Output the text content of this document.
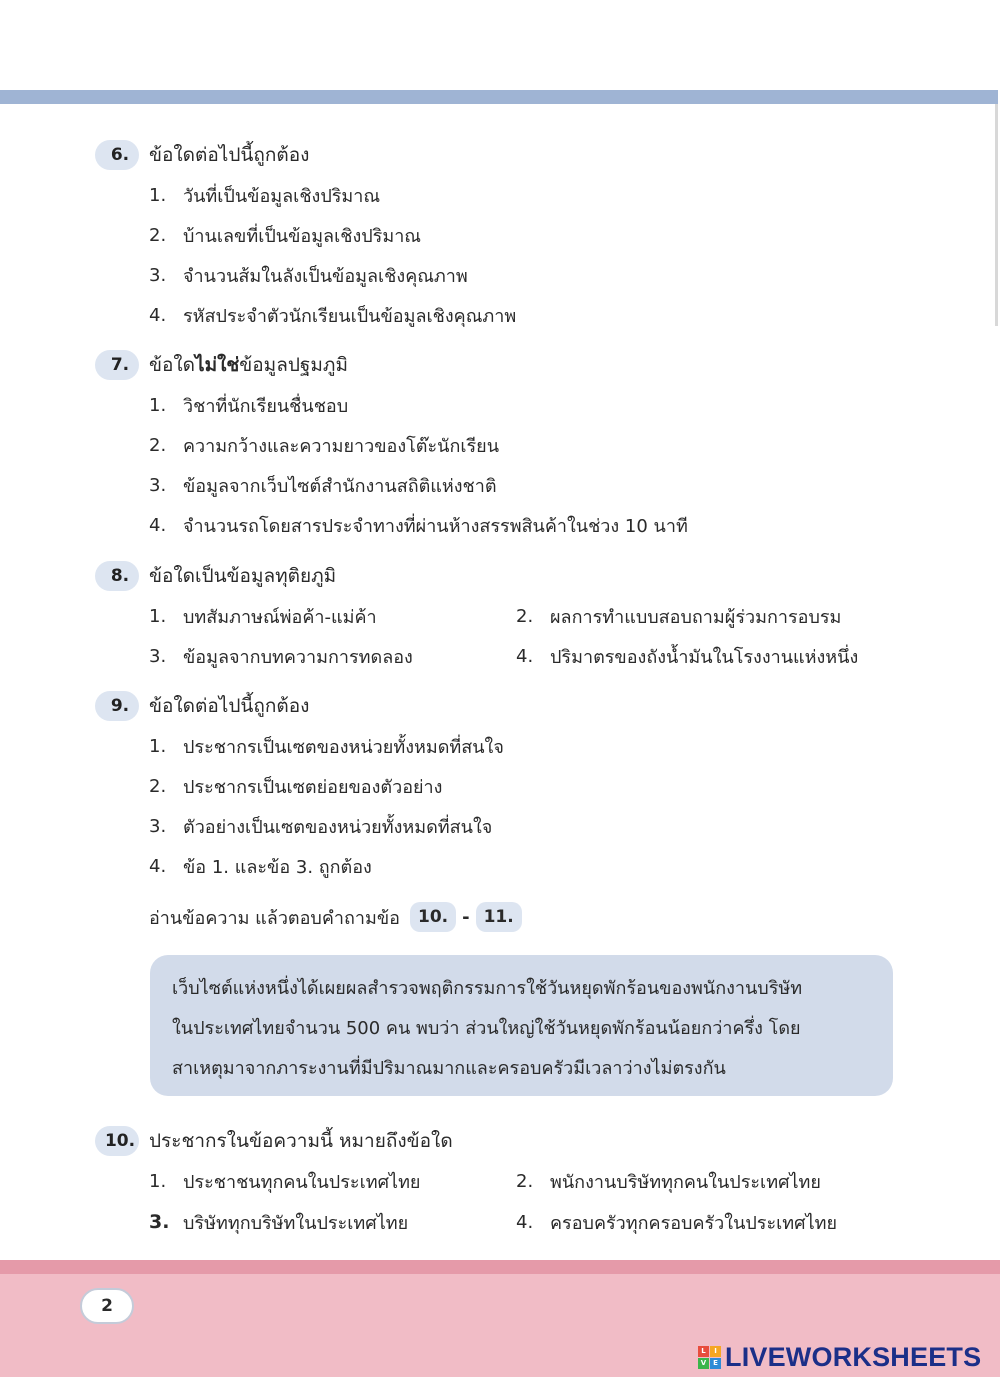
6.	ข้อใดต่อไปนี้ถูกต้อง
1. วันที่เป็นข้อมูลเชิงปริมาณ
2. บ้านเลขที่เป็นข้อมูลเชิงปริมาณ
3. จำนวนส้มในลังเป็นข้อมูลเชิงคุณภาพ
4. รหัสประจำตัวนักเรียนเป็นข้อมูลเชิงคุณภาพ
7.	ข้อใดไม่ใช่ข้อมูลปฐมภูมิ
1. วิชาที่นักเรียนชื่นชอบ
2. ความกว้างและความยาวของโต๊ะนักเรียน
3. ข้อมูลจากเว็บไซต์สำนักงานสถิติแห่งชาติ
4. จำนวนรถโดยสารประจำทางที่ผ่านห้างสรรพสินค้าในช่วง 10 นาที
8.	ข้อใดเป็นข้อมูลทุติยภูมิ
1. บทสัมภาษณ์พ่อค้า-แม่ค้า	2. ผลการทำแบบสอบถามผู้ร่วมการอบรม
3. ข้อมูลจากบทความการทดลอง	4. ปริมาตรของถังน้ำมันในโรงงานแห่งหนึ่ง
9.	ข้อใดต่อไปนี้ถูกต้อง
1. ประชากรเป็นเซตของหน่วยทั้งหมดที่สนใจ
2. ประชากรเป็นเซตย่อยของตัวอย่าง
3. ตัวอย่างเป็นเซตของหน่วยทั้งหมดที่สนใจ
4. ข้อ 1. และข้อ 3. ถูกต้อง
อ่านข้อความ แล้วตอบคำถามข้อ	10. - 11.
เว็บไซต์แห่งหนึ่งได้เผยผลสำรวจพฤติกรรมการใช้วันหยุดพักร้อนของพนักงานบริษัท
ในประเทศไทยจำนวน 500 คน พบว่า ส่วนใหญ่ใช้วันหยุดพักร้อนน้อยกว่าครึ่ง โดย
สาเหตุมาจากภาระงานที่มีปริมาณมากและครอบครัวมีเวลาว่างไม่ตรงกัน
10. ประชากรในข้อความนี้ หมายถึงข้อใด
1. ประชาชนทุกคนในประเทศไทย	2. พนักงานบริษัททุกคนในประเทศไทย
3. บริษัททุกบริษัทในประเทศไทย	4. ครอบครัวทุกครอบครัวในประเทศไทย
2
L	I
V E LIVEWORKSHEETS
